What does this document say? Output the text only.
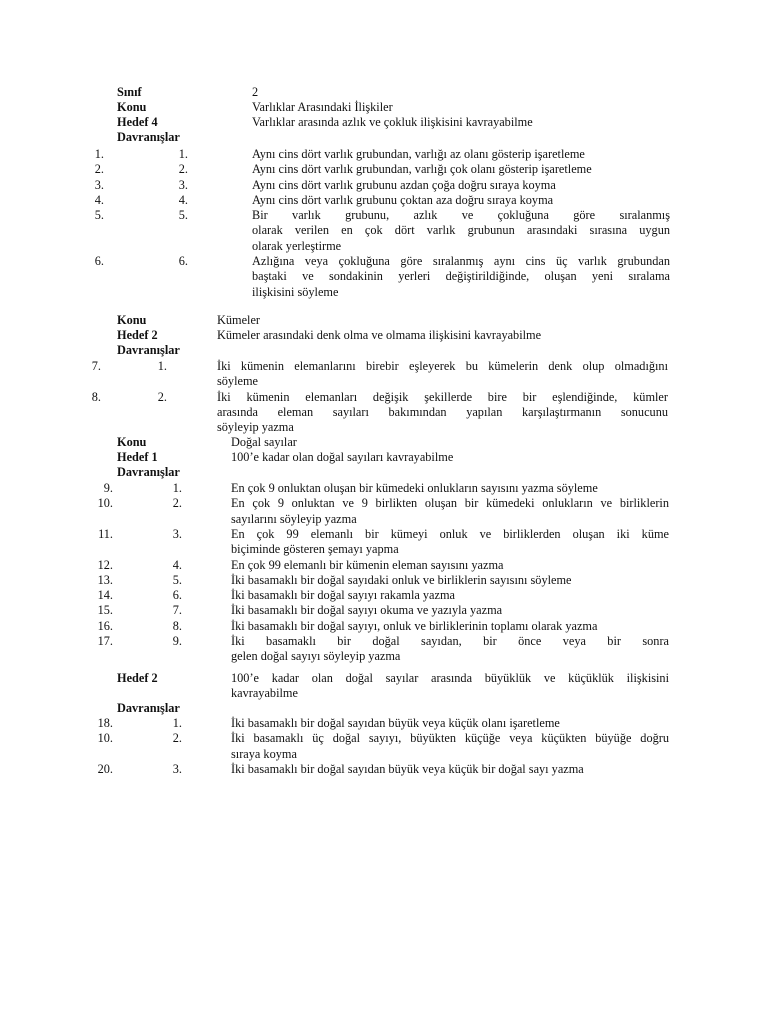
Sınıf	2
Konu	Varlıklar Arasındaki İlişkiler
Hedef 4	Varlıklar arasında azlık ve çokluk ilişkisini kavrayabilme
Davranışlar
1.	1.	Aynı cins dört varlık grubundan, varlığı az olanı gösterip işaretleme
2.	2.	Aynı cins dört varlık grubundan, varlığı çok olanı gösterip işaretleme
3.	3.	Aynı cins dört varlık grubunu azdan çoğa doğru sıraya koyma
4.	4.	Aynı cins dört varlık grubunu çoktan aza doğru sıraya koyma
5.	5.	Bir varlık grubunu, azlık ve çokluğuna göre sıralanmış
olarak verilen en çok dört varlık grubunun arasındaki sırasına uygun
olarak yerleştirme
6.	6.	Azlığına veya çokluğuna göre sıralanmış aynı cins üç varlık grubundan
baştaki ve sondakinin yerleri değiştirildiğinde, oluşan yeni sıralama
ilişkisini söyleme
Konu	Kümeler
Hedef 2	Kümeler arasındaki denk olma ve olmama ilişkisini kavrayabilme
Davranışlar
7.	1.	İki kümenin elemanlarını birebir eşleyerek bu kümelerin denk olup olmadığını
söyleme
8.	2.	İki kümenin elemanları değişik şekillerde bire bir eşlendiğinde, kümler
arasında eleman sayıları bakımından yapılan karşılaştırmanın sonucunu
söyleyip yazma
Konu	Doğal sayılar
Hedef 1	100’e kadar olan doğal sayıları kavrayabilme
Davranışlar
9.	1.	En çok 9 onluktan oluşan bir kümedeki onlukların sayısını yazma söyleme
10.	2.	En çok 9 onluktan ve 9 birlikten oluşan bir kümedeki onlukların ve birliklerin
sayılarını söyleyip yazma
11.	3.	En çok 99 elemanlı bir kümeyi onluk ve birliklerden oluşan iki küme
biçiminde gösteren şemayı yapma
12.	4.	En çok 99 elemanlı bir kümenin eleman sayısını yazma
13.	5.	İki basamaklı bir doğal sayıdaki onluk ve birliklerin sayısını söyleme
14.	6.	İki basamaklı bir doğal sayıyı rakamla yazma
15.	7.	İki basamaklı bir doğal sayıyı okuma ve yazıyla yazma
16.	8.	İki basamaklı bir doğal sayıyı, onluk ve birliklerinin toplamı olarak yazma
17.	9.	İki basamaklı bir doğal sayıdan, bir önce veya bir sonra
gelen doğal sayıyı söyleyip yazma
Hedef 2	100’e kadar olan doğal sayılar arasında büyüklük ve küçüklük ilişkisini
kavrayabilme
Davranışlar
18.	1.	İki basamaklı bir doğal sayıdan büyük veya küçük olanı işaretleme
10.	2.	İki basamaklı üç doğal sayıyı, büyükten küçüğe veya küçükten büyüğe doğru
sıraya koyma
20.	3.	İki basamaklı bir doğal sayıdan büyük veya küçük bir doğal sayı yazma
